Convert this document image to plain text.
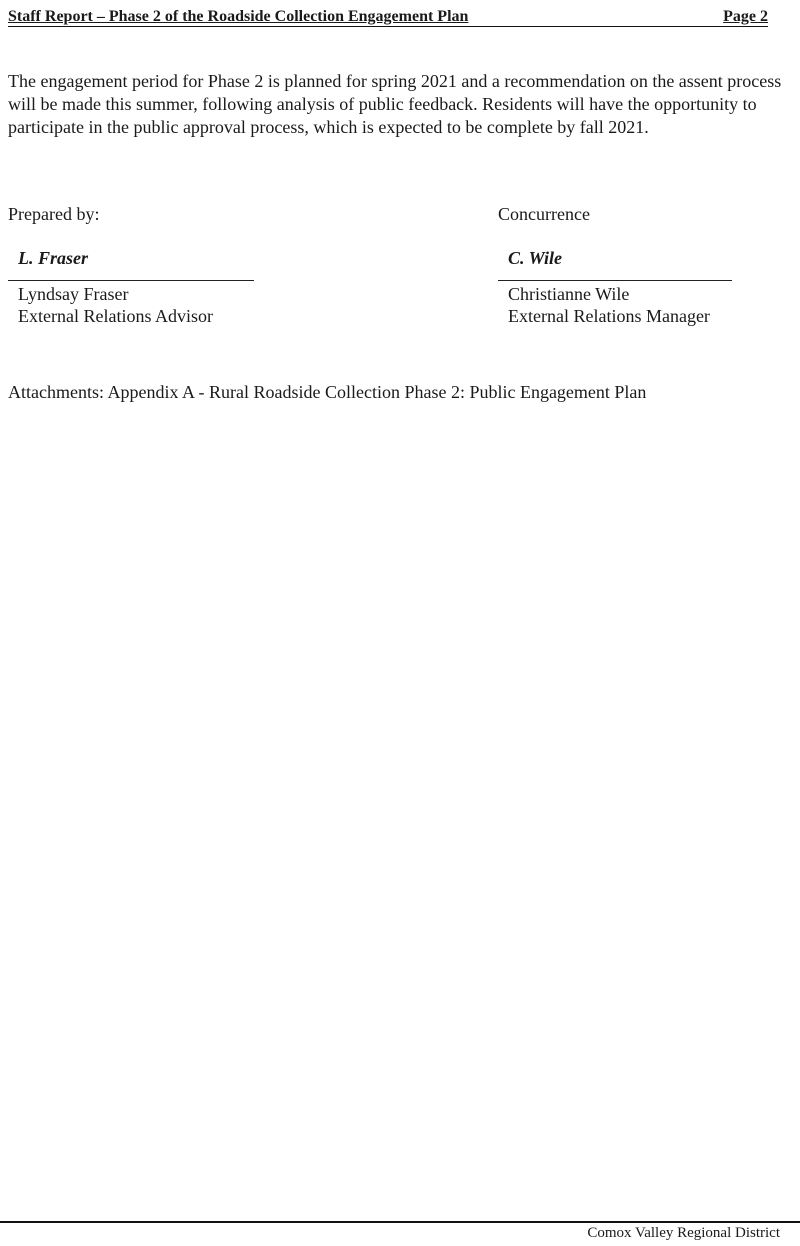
Staff Report – Phase 2 of the Roadside Collection Engagement Plan	Page 2
The engagement period for Phase 2 is planned for spring 2021 and a recommendation on the assent process will be made this summer, following analysis of public feedback. Residents will have the opportunity to participate in the public approval process, which is expected to be complete by fall 2021.
Prepared by:
L. Fraser
Lyndsay Fraser
External Relations Advisor
Concurrence
C. Wile
Christianne Wile
External Relations Manager
Attachments: Appendix A - Rural Roadside Collection Phase 2: Public Engagement Plan
Comox Valley Regional District
